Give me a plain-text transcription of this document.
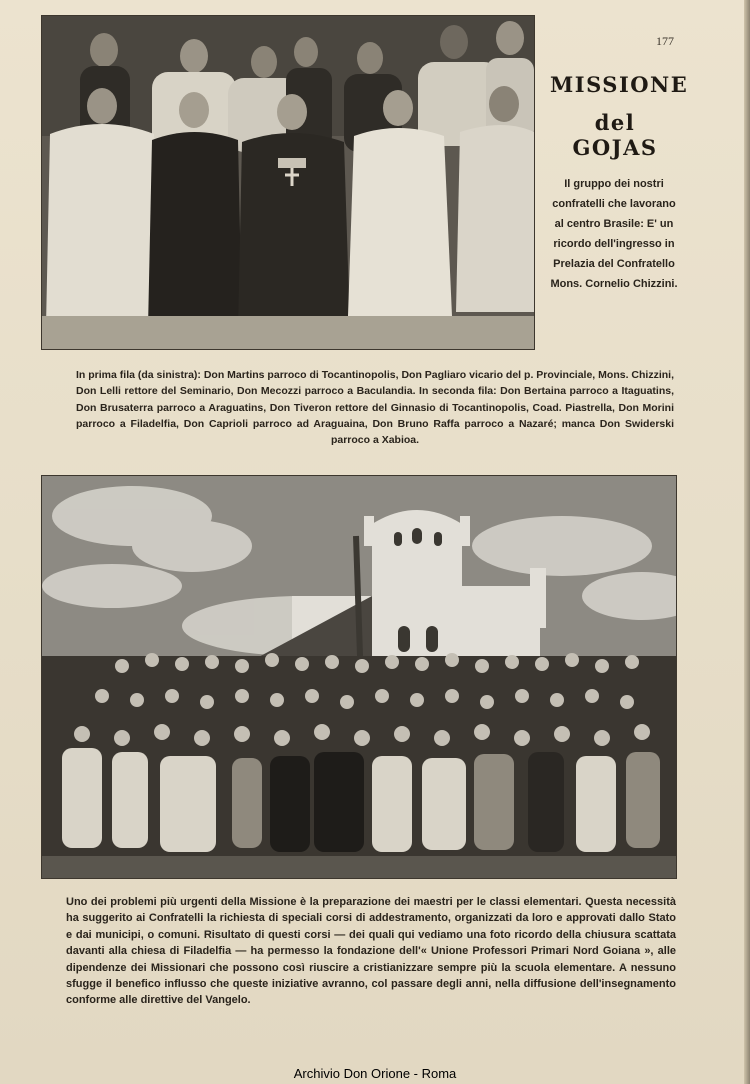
177
MISSIONE
del GOJAS
Il gruppo dei nostri confratelli che lavorano al centro Brasile: E' un ricordo dell'ingresso in Prelazia del Confratello Mons. Cornelio Chizzini.
In prima fila (da sinistra): Don Martins parroco di Tocantinopolis, Don Pagliaro vicario del p. Provinciale, Mons. Chizzini, Don Lelli rettore del Seminario, Don Mecozzi parroco a Baculandia. In seconda fila: Don Bertaina parroco a Itaguatins, Don Brusaterra parroco a Araguatins, Don Tiveron rettore del Ginnasio di Tocantinopolis, Coad. Piastrella, Don Morini parroco a Filadelfia, Don Caprioli parroco ad Araguaina, Don Bruno Raffa parroco a Nazaré; manca Don Swiderski parroco a Xabioa.
Uno dei problemi più urgenti della Missione è la preparazione dei maestri per le classi elementari. Questa necessità ha suggerito ai Confratelli la richiesta di speciali corsi di addestramento, organizzati da loro e approvati dallo Stato e dai municipi, o comuni. Risultato di questi corsi — dei quali qui vediamo una foto ricordo della chiusura scattata davanti alla chiesa di Filadelfia — ha permesso la fondazione dell'« Unione Professori Primari Nord Goiana », alle dipendenze dei Missionari che possono così riuscire a cristianizzare sempre più la scuola elementare. A nessuno sfugge il benefico influsso che queste iniziative avranno, col passare degli anni, nella diffusione dell'insegnamento conforme alle direttive del Vangelo.
Archivio Don Orione - Roma
